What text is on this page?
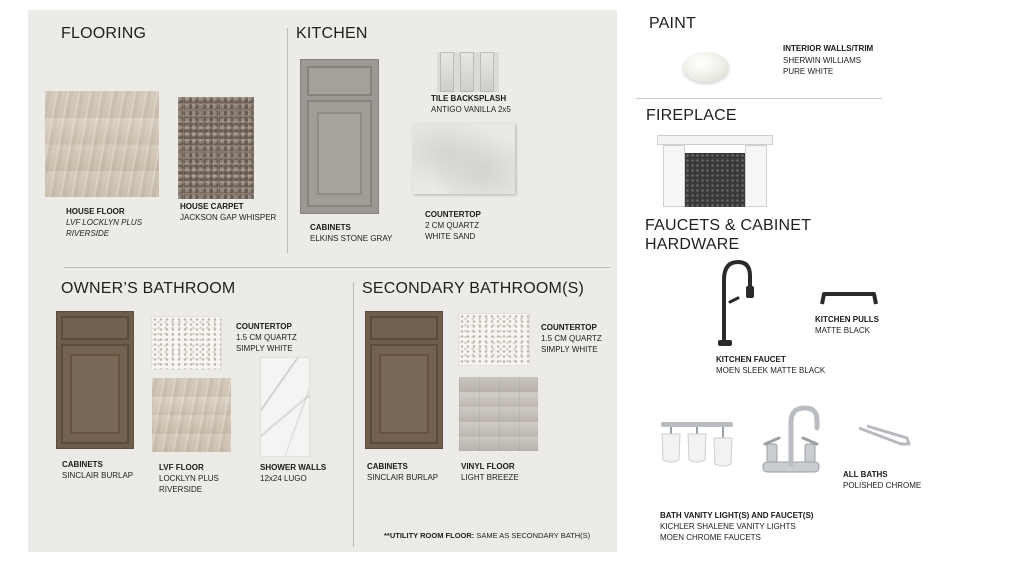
FLOORING
HOUSE FLOOR
LVF LOCKLYN PLUS
RIVERSIDE
HOUSE CARPET
JACKSON GAP WHISPER
KITCHEN
CABINETS
ELKINS STONE GRAY
TILE BACKSPLASH
ANTIGO VANILLA 2x5
COUNTERTOP
2 CM QUARTZ
WHITE SAND
OWNER’S BATHROOM
CABINETS
SINCLAIR BURLAP
COUNTERTOP
1.5 CM QUARTZ
SIMPLY WHITE
LVF FLOOR
LOCKLYN PLUS
RIVERSIDE
SHOWER WALLS
12x24 LUGO
SECONDARY BATHROOM(S)
CABINETS
SINCLAIR BURLAP
COUNTERTOP
1.5 CM QUARTZ
SIMPLY WHITE
VINYL FLOOR
LIGHT BREEZE
**UTILITY ROOM FLOOR: SAME AS SECONDARY BATH(S)
PAINT
INTERIOR WALLS/TRIM
SHERWIN WILLIAMS
PURE WHITE
FIREPLACE
FAUCETS & CABINET
HARDWARE
KITCHEN FAUCET
MOEN SLEEK MATTE BLACK
KITCHEN PULLS
MATTE BLACK
ALL BATHS
POLISHED CHROME
BATH VANITY LIGHT(S) AND FAUCET(S)
KICHLER SHALENE VANITY LIGHTS
MOEN CHROME FAUCETS
